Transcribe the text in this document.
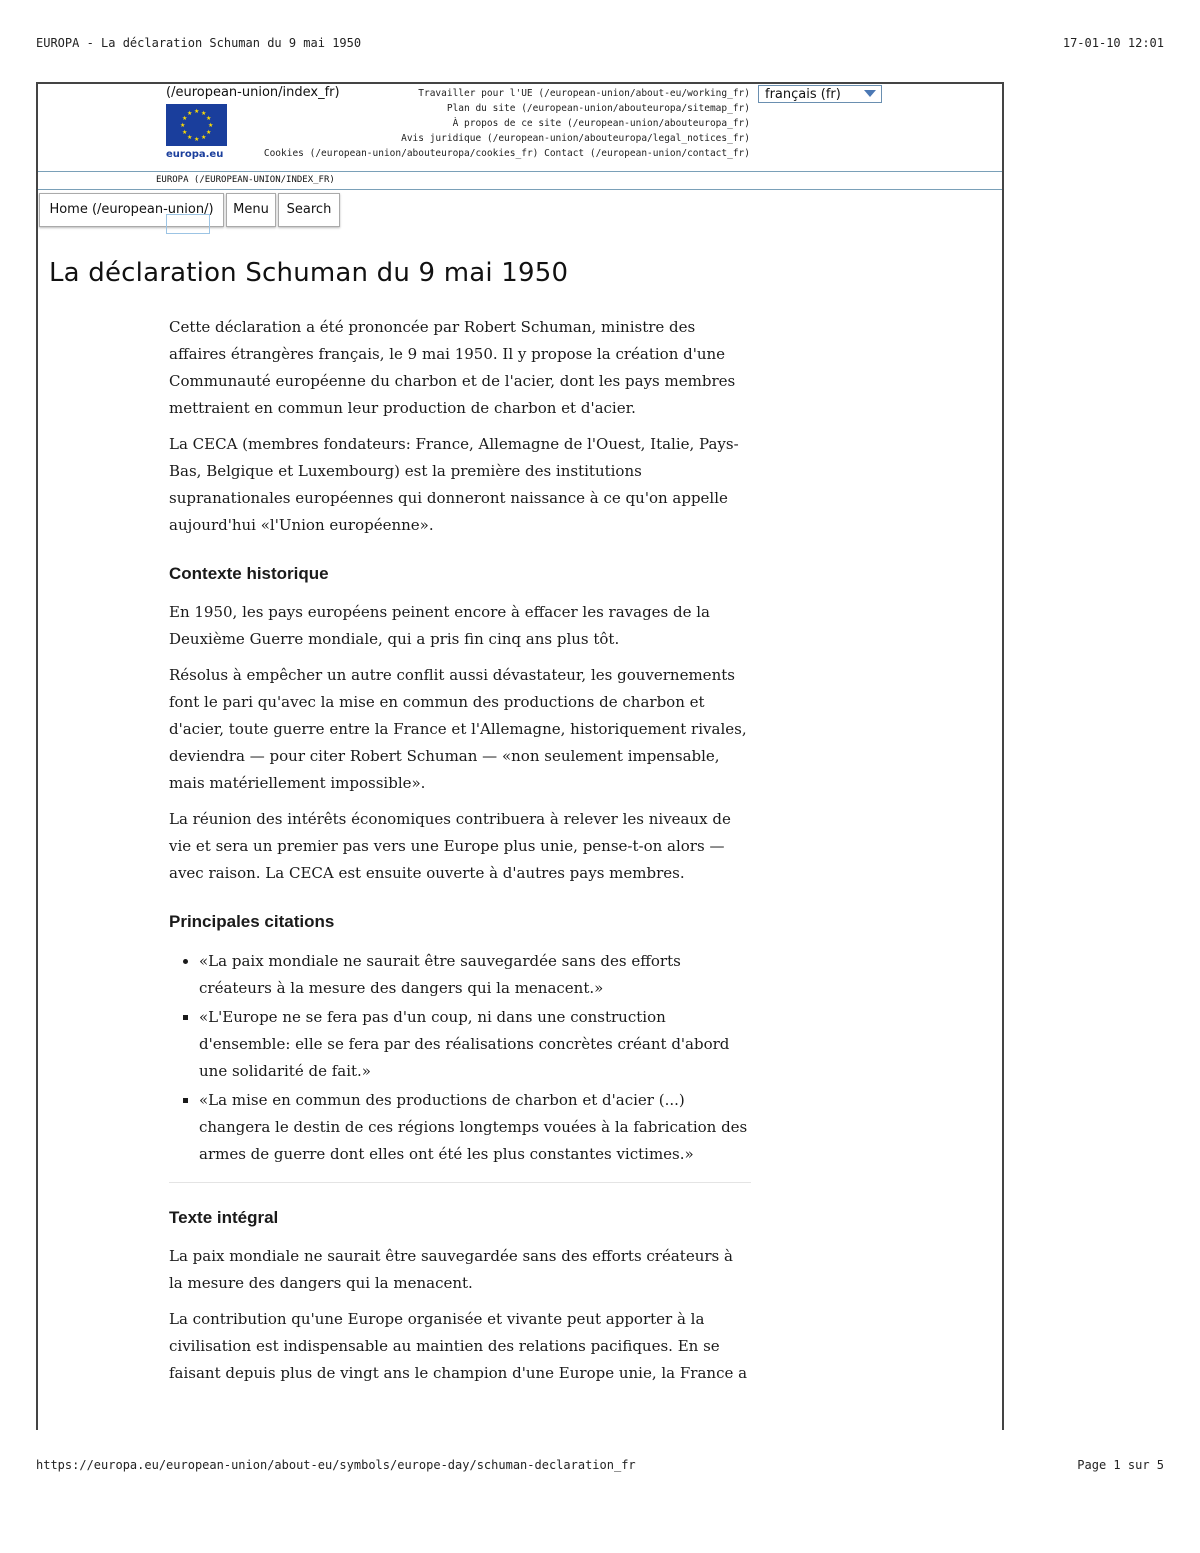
EUROPA - La déclaration Schuman du 9 mai 1950	17-01-10 12:01
(/european-union/index_fr)
★ ★
★
★
★
★
★
★
★
★
★
★
europa.eu
Travailler pour l'UE (/european-union/about-eu/working_fr)
Plan du site (/european-union/abouteuropa/sitemap_fr)
À propos de ce site (/european-union/abouteuropa_fr)
Avis juridique (/european-union/abouteuropa/legal_notices_fr)
Cookies (/european-union/abouteuropa/cookies_fr) Contact (/european-union/contact_fr)
français (fr)
EUROPA (/EUROPEAN-UNION/INDEX_FR)
Home (/european-union/)	Menu	Search
La déclaration Schuman du 9 mai 1950

Cette déclaration a été prononcée par Robert Schuman, ministre des affaires étrangères français, le 9 mai 1950. Il y propose la création d'une Communauté européenne du charbon et de l'acier, dont les pays membres mettraient en commun leur production de charbon et d'acier.

La CECA (membres fondateurs: France, Allemagne de l'Ouest, Italie, Pays-Bas, Belgique et Luxembourg) est la première des institutions supranationales européennes qui donneront naissance à ce qu'on appelle aujourd'hui «l'Union européenne».

Contexte historique

En 1950, les pays européens peinent encore à effacer les ravages de la Deuxième Guerre mondiale, qui a pris fin cinq ans plus tôt.

Résolus à empêcher un autre conflit aussi dévastateur, les gouvernements font le pari qu'avec la mise en commun des productions de charbon et d'acier, toute guerre entre la France et l'Allemagne, historiquement rivales, deviendra — pour citer Robert Schuman — «non seulement impensable, mais matériellement impossible».

La réunion des intérêts économiques contribuera à relever les niveaux de vie et sera un premier pas vers une Europe plus unie, pense-t-on alors — avec raison. La CECA est ensuite ouverte à d'autres pays membres.

Principales citations
• «La paix mondiale ne saurait être sauvegardée sans des efforts créateurs à la mesure des dangers qui la menacent.»
▪ «L'Europe ne se fera pas d'un coup, ni dans une construction d'ensemble: elle se fera par des réalisations concrètes créant d'abord une solidarité de fait.»
▪ «La mise en commun des productions de charbon et d'acier (...) changera le destin de ces régions longtemps vouées à la fabrication des armes de guerre dont elles ont été les plus constantes victimes.»
Texte intégral

La paix mondiale ne saurait être sauvegardée sans des efforts créateurs à la mesure des dangers qui la menacent.

La contribution qu'une Europe organisée et vivante peut apporter à la civilisation est indispensable au maintien des relations pacifiques. En se faisant depuis plus de vingt ans le champion d'une Europe unie, la France a

https://europa.eu/european-union/about-eu/symbols/europe-day/schuman-declaration_fr	Page 1 sur 5
